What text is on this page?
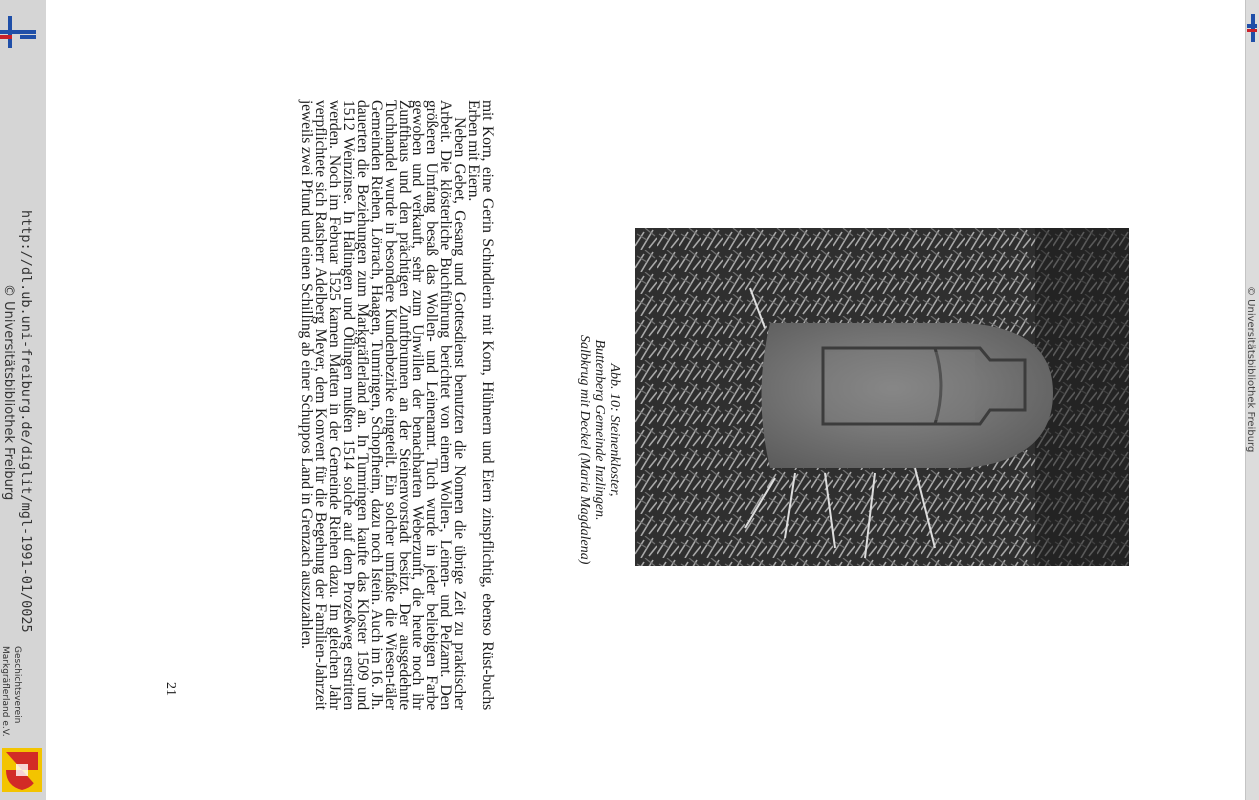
http://dl.ub.uni-freiburg.de/diglit/mgl-1991-01/0025
© Universitätsbibliothek Freiburg
Geschichtsverein
Markgräflerland e.V.
© Universitätsbibliothek Freiburg
Abb. 10: Steinenkloster,
Buttenberg Gemeinde Inzlingen.
Salbkrug mit Deckel (Maria Magdalena)

mit Korn, eine Gerin Schindlerin mit Korn, Hühnern und Eiern zinspflichtig, ebenso Rüst-buchs Erben mit Eiern.

Neben Gebet, Gesang und Gottesdienst benutzten die Nonnen die übrige Zeit zu praktischer Arbeit. Die klösterliche Buchführung berichtet von einem Wollen-, Leinen- und Pelzamt. Den größeren Umfang besaß das Wollen- und Leinenamt. Tuch wurde in jeder beliebigen Farbe gewoben und verkauft, sehr zum Unwillen der benachbarten Weberzunft, die heute noch ihr Zunfthaus und den prächtigen Zunftbrunnen an der Steinenvorstadt besitzt. Der ausgedehnte Tuchhandel wurde in besondere Kundenbezirke eingeteilt. Ein solcher umfaßte die Wiesen-täler Gemeinden Riehen, Lörrach, Haagen, Tumringen, Schopfheim, dazu noch Istein. Auch im 16. Jh. dauerten die Beziehungen zum Markgräflerland an. In Tumringen kaufte das Kloster 1509 und 1512 Weinzinse. In Haltingen und Ötlingen mußten 1514 solche auf dem Prozeßweg erstritten werden. Noch im Februar 1525 kamen Matten in der Gemeinde Riehen dazu. Im gleichen Jahr verpflichtete sich Ratsherr Adelberg Meyer, dem Konvent für die Begehung der Familien-Jahrzeit jeweils zwei Pfund und einen Schilling ab einer Schuppos Land in Grenzach auszuzahlen.

21
